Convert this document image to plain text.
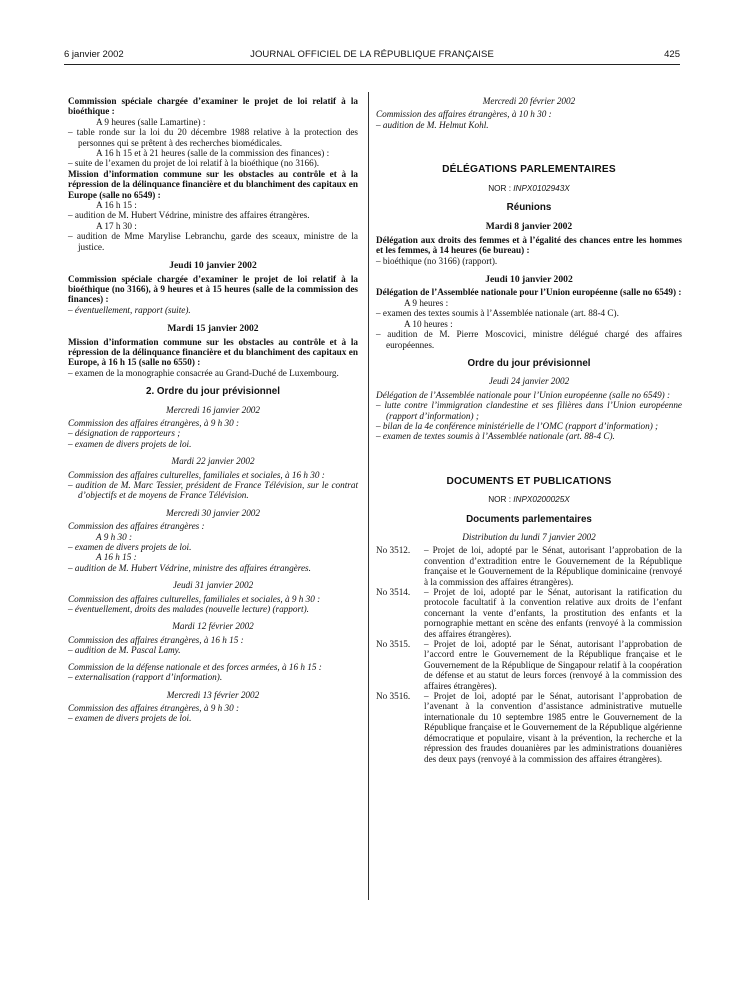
6 janvier 2002	JOURNAL OFFICIEL DE LA RÉPUBLIQUE FRANÇAISE	425

Commission spéciale chargée d’examiner le projet de loi relatif à la bioéthique :

A 9 heures (salle Lamartine) :

– table ronde sur la loi du 20 décembre 1988 relative à la protection des personnes qui se prêtent à des recherches biomédicales.

A 16 h 15 et à 21 heures (salle de la commission des finances) :

– suite de l’examen du projet de loi relatif à la bioéthique (no 3166).

Mission d’information commune sur les obstacles au contrôle et à la répression de la délinquance financière et du blanchiment des capitaux en Europe (salle no 6549) :

A 16 h 15 :

– audition de M. Hubert Védrine, ministre des affaires étrangères.

A 17 h 30 :

– audition de Mme Marylise Lebranchu, garde des sceaux, ministre de la justice.

Jeudi 10 janvier 2002

Commission spéciale chargée d’examiner le projet de loi relatif à la bioéthique (no 3166), à 9 heures et à 15 heures (salle de la commission des finances) :

– éventuellement, rapport (suite).

Mardi 15 janvier 2002

Mission d’information commune sur les obstacles au contrôle et à la répression de la délinquance financière et du blanchiment des capitaux en Europe, à 16 h 15 (salle no 6550) :

– examen de la monographie consacrée au Grand-Duché de Luxembourg.

2. Ordre du jour prévisionnel

Mercredi 16 janvier 2002

Commission des affaires étrangères, à 9 h 30 :

– désignation de rapporteurs ;

– examen de divers projets de loi.

Mardi 22 janvier 2002

Commission des affaires culturelles, familiales et sociales, à 16 h 30 :

– audition de M. Marc Tessier, président de France Télévision, sur le contrat d’objectifs et de moyens de France Télévision.

Mercredi 30 janvier 2002

Commission des affaires étrangères :

A 9 h 30 :

– examen de divers projets de loi.

A 16 h 15 :

– audition de M. Hubert Védrine, ministre des affaires étrangères.

Jeudi 31 janvier 2002

Commission des affaires culturelles, familiales et sociales, à 9 h 30 :

– éventuellement, droits des malades (nouvelle lecture) (rapport).

Mardi 12 février 2002

Commission des affaires étrangères, à 16 h 15 :

– audition de M. Pascal Lamy.

Commission de la défense nationale et des forces armées, à 16 h 15 :

– externalisation (rapport d’information).

Mercredi 13 février 2002

Commission des affaires étrangères, à 9 h 30 :

– examen de divers projets de loi.

Mercredi 20 février 2002

Commission des affaires étrangères, à 10 h 30 :

– audition de M. Helmut Kohl.

DÉLÉGATIONS PARLEMENTAIRES

NOR : INPX0102943X

Réunions

Mardi 8 janvier 2002

Délégation aux droits des femmes et à l’égalité des chances entre les hommes et les femmes, à 14 heures (6e bureau) :

– bioéthique (no 3166) (rapport).

Jeudi 10 janvier 2002

Délégation de l’Assemblée nationale pour l’Union européenne (salle no 6549) :

A 9 heures :

– examen des textes soumis à l’Assemblée nationale (art. 88-4 C).

A 10 heures :

– audition de M. Pierre Moscovici, ministre délégué chargé des affaires européennes.

Ordre du jour prévisionnel

Jeudi 24 janvier 2002

Délégation de l’Assemblée nationale pour l’Union européenne (salle no 6549) :

– lutte contre l’immigration clandestine et ses filières dans l’Union européenne (rapport d’information) ;

– bilan de la 4e conférence ministérielle de l’OMC (rapport d’information) ;

– examen de textes soumis à l’Assemblée nationale (art. 88-4 C).

DOCUMENTS ET PUBLICATIONS

NOR : INPX0200025X

Documents parlementaires

Distribution du lundi 7 janvier 2002

No 3512.	– Projet de loi, adopté par le Sénat, autorisant l’approbation de la convention d’extradition entre le Gouvernement de la République française et le Gouvernement de la République dominicaine (renvoyé à la commission des affaires étrangères).
No 3514.	– Projet de loi, adopté par le Sénat, autorisant la ratification du protocole facultatif à la convention relative aux droits de l’enfant concernant la vente d’enfants, la prostitution des enfants et la pornographie mettant en scène des enfants (renvoyé à la commission des affaires étrangères).
No 3515.	– Projet de loi, adopté par le Sénat, autorisant l’approbation de l’accord entre le Gouvernement de la République française et le Gouvernement de la République de Singapour relatif à la coopération de défense et au statut de leurs forces (renvoyé à la commission des affaires étrangères).
No 3516.	– Projet de loi, adopté par le Sénat, autorisant l’approbation de l’avenant à la convention d’assistance administrative mutuelle internationale du 10 septembre 1985 entre le Gouvernement de la République française et le Gouvernement de la République algérienne démocratique et populaire, visant à la prévention, la recherche et la répression des fraudes douanières par les administrations douanières des deux pays (renvoyé à la commission des affaires étrangères).
